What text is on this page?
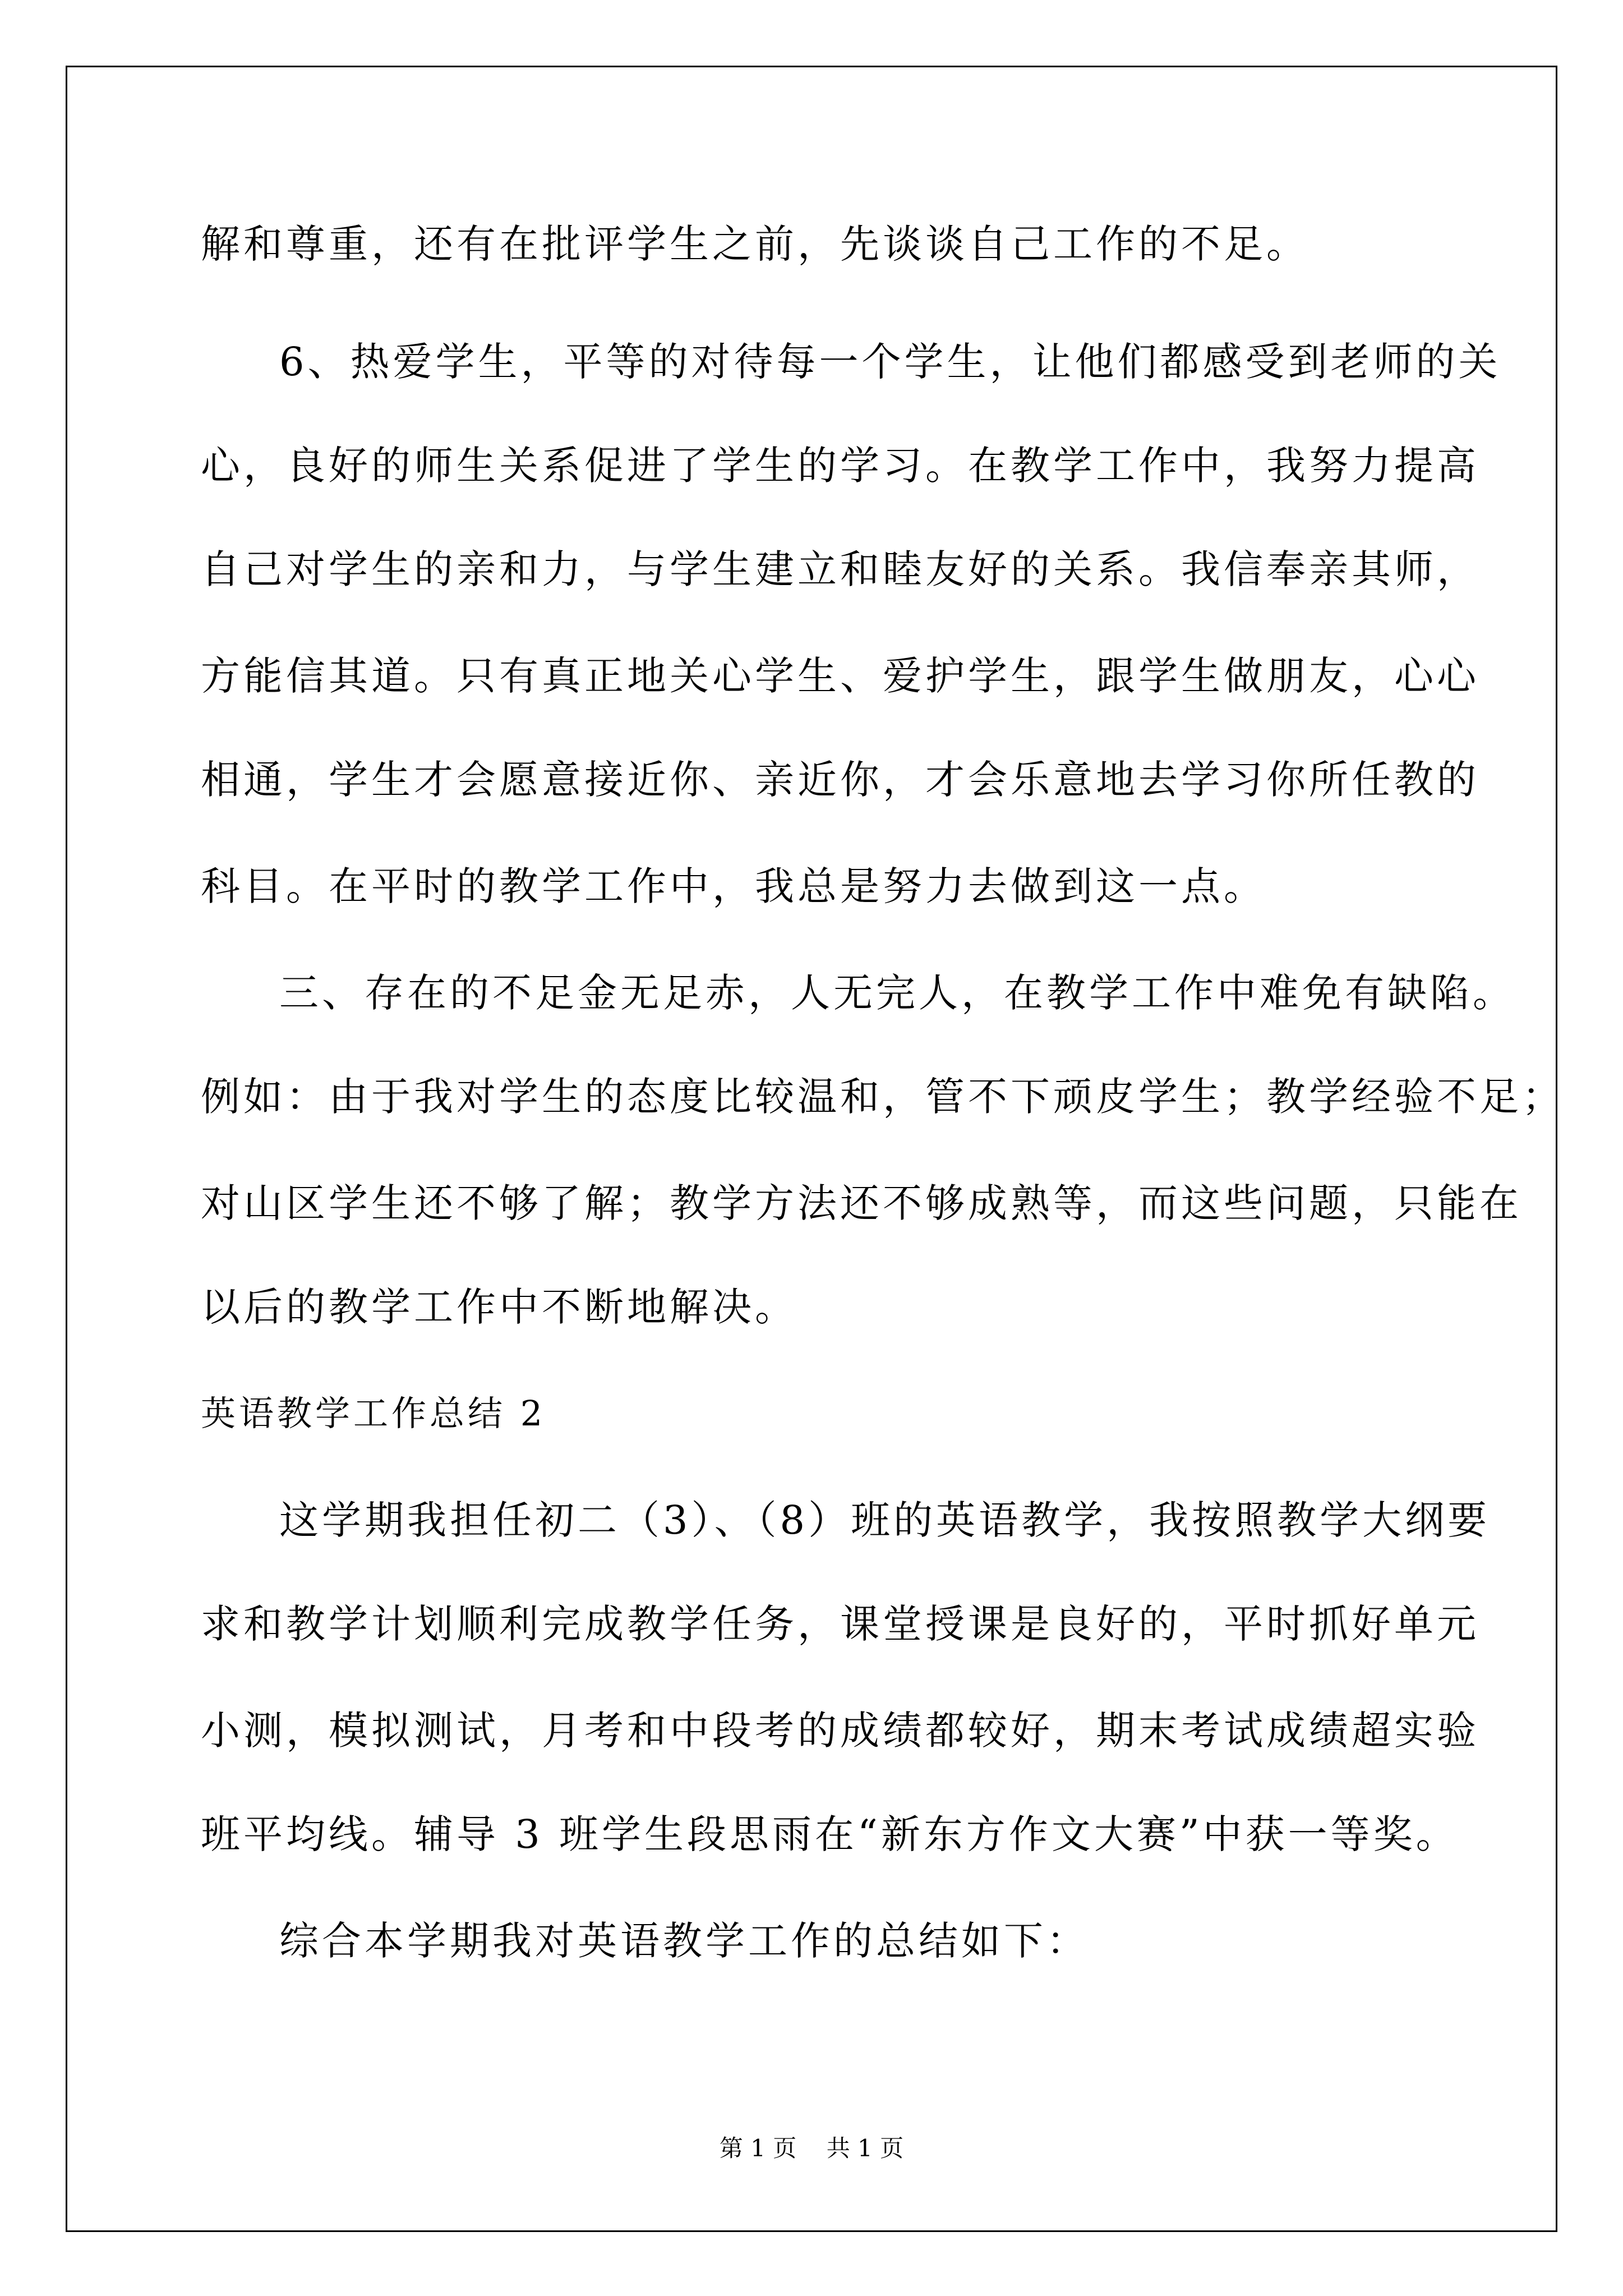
解和尊重，还有在批评学生之前，先谈谈自己工作的不足。
6、热爱学生，平等的对待每一个学生，让他们都感受到老师的关
心，良好的师生关系促进了学生的学习。在教学工作中，我努力提高
自己对学生的亲和力，与学生建立和睦友好的关系。我信奉亲其师，
方能信其道。只有真正地关心学生、爱护学生，跟学生做朋友，心心
相通，学生才会愿意接近你、亲近你，才会乐意地去学习你所任教的
科目。在平时的教学工作中，我总是努力去做到这一点。
三、存在的不足金无足赤，人无完人，在教学工作中难免有缺陷。
例如：由于我对学生的态度比较温和，管不下顽皮学生；教学经验不足；
对山区学生还不够了解；教学方法还不够成熟等，而这些问题，只能在
以后的教学工作中不断地解决。
英语教学工作总结 2
这学期我担任初二（3）、（8）班的英语教学，我按照教学大纲要
求和教学计划顺利完成教学任务，课堂授课是良好的，平时抓好单元
小测，模拟测试，月考和中段考的成绩都较好，期末考试成绩超实验
班平均线。辅导 3 班学生段思雨在“新东方作文大赛”中获一等奖。
综合本学期我对英语教学工作的总结如下：
第 1 页    共 1 页
